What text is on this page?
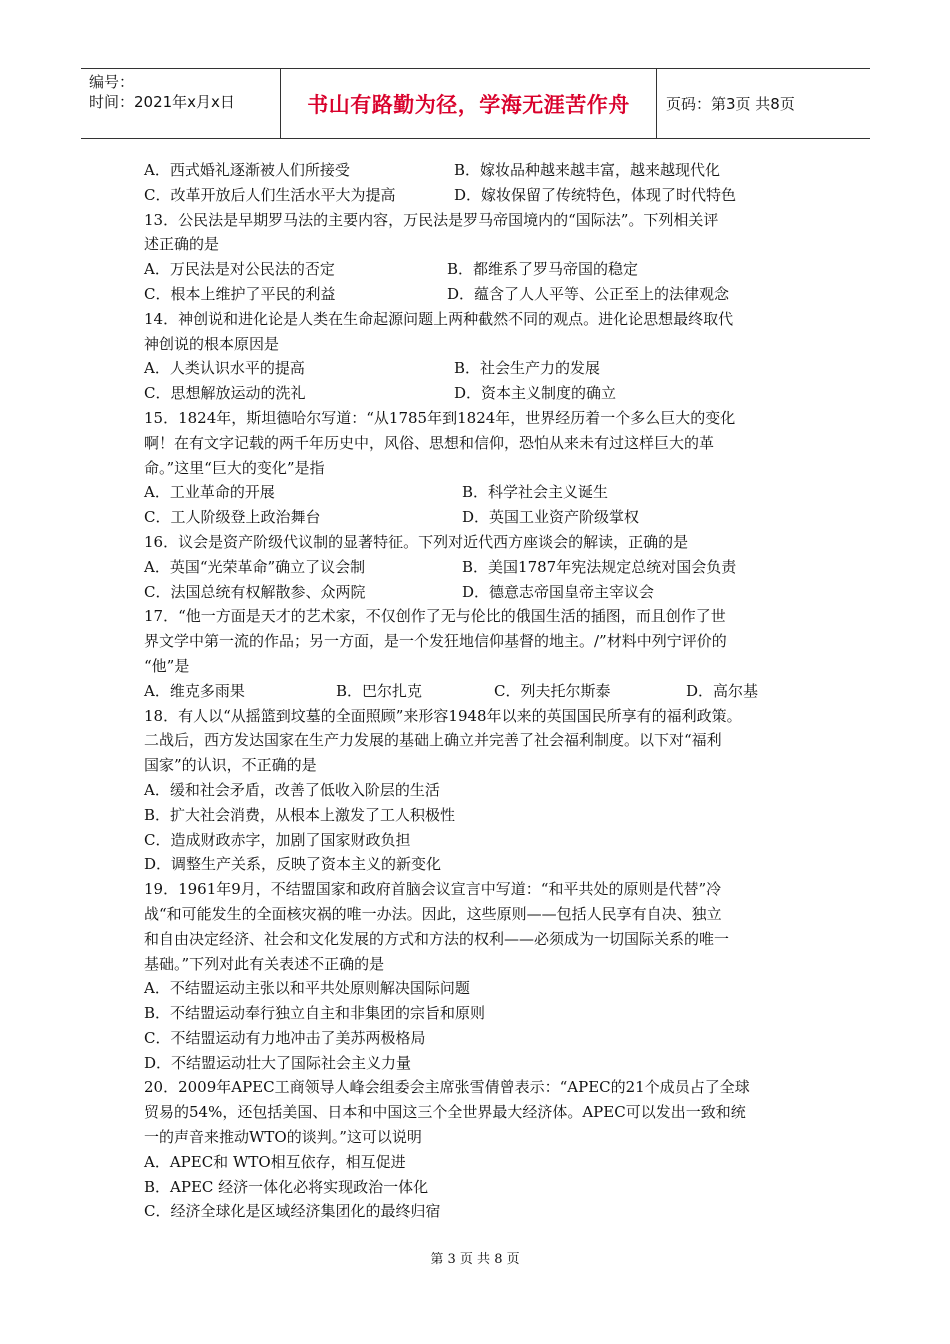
编号：
时间：2021年x月x日	书山有路勤为径，学海无涯苦作舟 页码：第3页 共8页
A．西式婚礼逐渐被人们所接受	B．嫁妆品种越来越丰富，越来越现代化
C．改革开放后人们生活水平大为提高	D．嫁妆保留了传统特色，体现了时代特色
13．公民法是早期罗马法的主要内容，万民法是罗马帝国境内的“国际法”。下列相关评
述正确的是
A．万民法是对公民法的否定	B．都维系了罗马帝国的稳定
C．根本上维护了平民的利益	D．蕴含了人人平等、公正至上的法律观念
14．神创说和进化论是人类在生命起源问题上两种截然不同的观点。进化论思想最终取代
神创说的根本原因是
A．人类认识水平的提高	B．社会生产力的发展
C．思想解放运动的洗礼	D．资本主义制度的确立
15．1824年，斯坦德哈尔写道：“从1785年到1824年，世界经历着一个多么巨大的变化
啊！在有文字记载的两千年历史中，风俗、思想和信仰，恐怕从来未有过这样巨大的革
命。”这里“巨大的变化”是指
A．工业革命的开展	B．科学社会主义诞生
C．工人阶级登上政治舞台	D．英国工业资产阶级掌权
16．议会是资产阶级代议制的显著特征。下列对近代西方座谈会的解读，正确的是
A．英国“光荣革命”确立了议会制	B．美国1787年宪法规定总统对国会负责
C．法国总统有权解散参、众两院	D．德意志帝国皇帝主宰议会
17．“他一方面是天才的艺术家，不仅创作了无与伦比的俄国生活的插图，而且创作了世
界文学中第一流的作品；另一方面，是一个发狂地信仰基督的地主。/”材料中列宁评价的
“他”是
A．维克多雨果	B．巴尔扎克	C．列夫托尔斯泰	D．高尔基
18．有人以“从摇篮到坟墓的全面照顾”来形容1948年以来的英国国民所享有的福利政策。
二战后，西方发达国家在生产力发展的基础上确立并完善了社会福利制度。以下对“福利
国家”的认识，不正确的是
A．缓和社会矛盾，改善了低收入阶层的生活
B．扩大社会消费，从根本上激发了工人积极性
C．造成财政赤字，加剧了国家财政负担
D．调整生产关系，反映了资本主义的新变化
19．1961年9月，不结盟国家和政府首脑会议宣言中写道：“和平共处的原则是代替”冷
战“和可能发生的全面核灾祸的唯一办法。因此，这些原则——包括人民享有自决、独立
和自由决定经济、社会和文化发展的方式和方法的权利——必须成为一切国际关系的唯一
基础。”下列对此有关表述不正确的是
A．不结盟运动主张以和平共处原则解决国际问题
B．不结盟运动奉行独立自主和非集团的宗旨和原则
C．不结盟运动有力地冲击了美苏两极格局
D．不结盟运动壮大了国际社会主义力量
20．2009年APEC工商领导人峰会组委会主席张雪倩曾表示：“APEC的21个成员占了全球
贸易的54%，还包括美国、日本和中国这三个全世界最大经济体。APEC可以发出一致和统
一的声音来推动WTO的谈判。”这可以说明
A．APEC和 WTO相互依存，相互促进
B．APEC 经济一体化必将实现政治一体化
C．经济全球化是区域经济集团化的最终归宿
第 3 页 共 8 页
